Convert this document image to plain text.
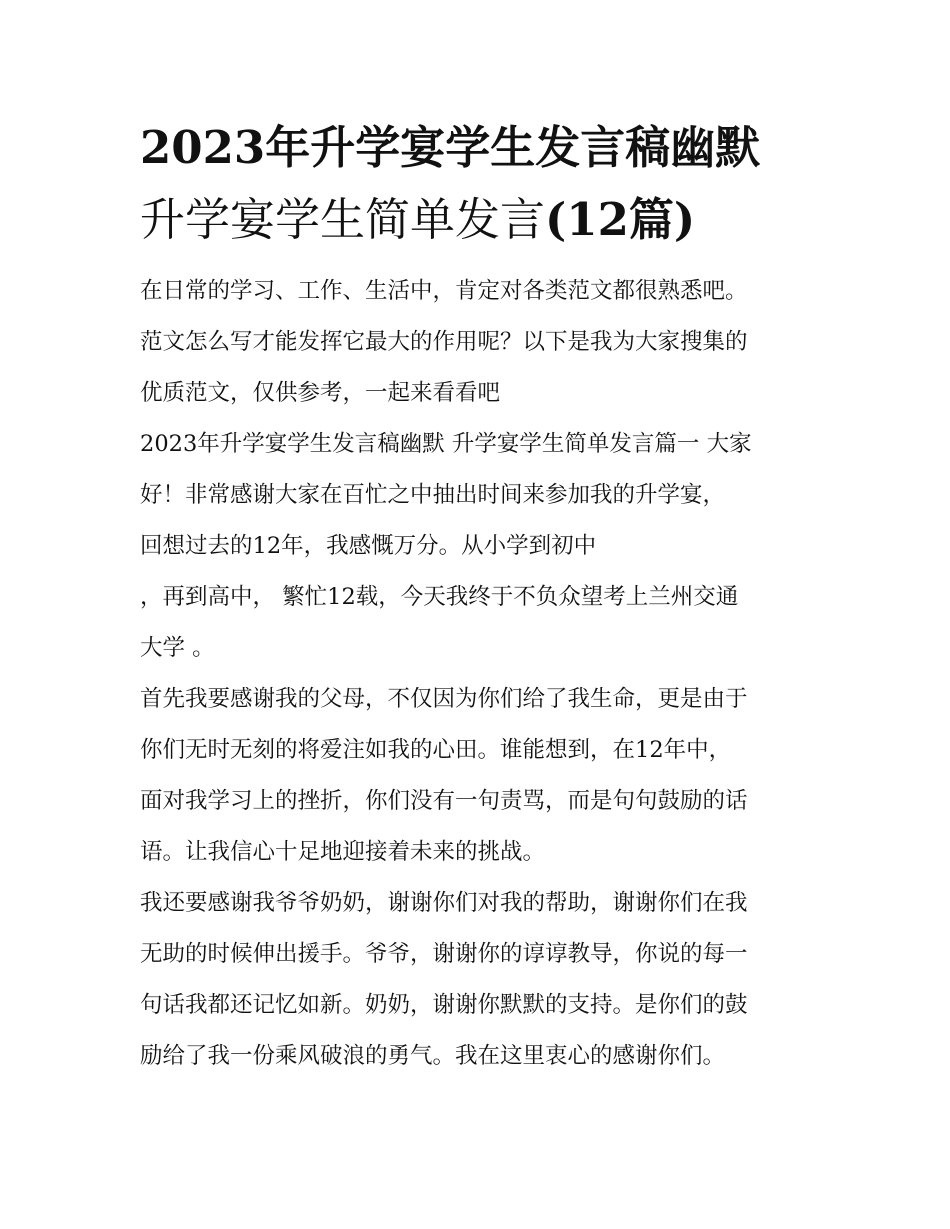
2023年升学宴学生发言稿幽默
升学宴学生简单发言(12篇)

在日常的学习、工作、生活中，肯定对各类范文都很熟悉吧。
范文怎么写才能发挥它最大的作用呢？以下是我为大家搜集的
优质范文，仅供参考，一起来看看吧

2023年升学宴学生发言稿幽默 升学宴学生简单发言篇一 大家
好！非常感谢大家在百忙之中抽出时间来参加我的升学宴，
回想过去的12年，我感慨万分。从小学到初中
，再到高中， 繁忙12载，今天我终于不负众望考上兰州交通
大学 。

首先我要感谢我的父母，不仅因为你们给了我生命，更是由于
你们无时无刻的将爱注如我的心田。谁能想到，在12年中，
面对我学习上的挫折，你们没有一句责骂，而是句句鼓励的话
语。让我信心十足地迎接着未来的挑战。

我还要感谢我爷爷奶奶，谢谢你们对我的帮助，谢谢你们在我
无助的时候伸出援手。爷爷，谢谢你的谆谆教导，你说的每一
句话我都还记忆如新。奶奶，谢谢你默默的支持。是你们的鼓
励给了我一份乘风破浪的勇气。我在这里衷心的感谢你们。
